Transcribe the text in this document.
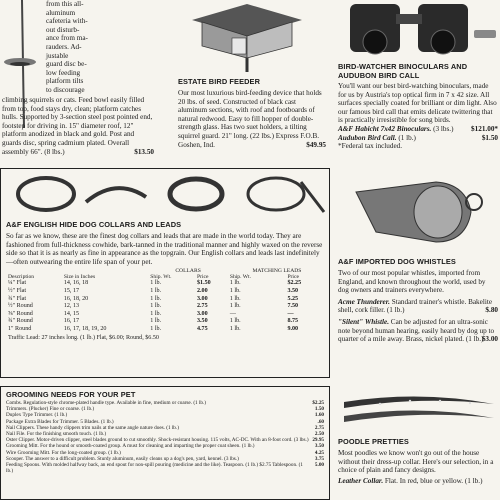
from this all-

aluminum

cafeteria with-

out disturb-

ance from ma-

rauders. Ad-

justable

guard disc be-

low feeding

platform tilts

to discourage

climbing squirrels or cats. Feed bowl easily filled from top, food stays dry, clean; platform catches hulls. Supported by 3-section steel post pointed end, footstep for driving in. 15" diameter roof, 12" platform anodized in black and gold. Post and guards disc, spring cadmium plated. Overall assembly 66". (8 lbs.)	$13.50

ESTATE BIRD FEEDER

Our most luxurious bird-feeding device that holds 20 lbs. of seed. Constructed of black cast aluminum sections, with roof and footboards of natural redwood. Easy to fill hopper of double-strength glass. Has two suet holders, a tilting squirrel guard. 21" long. (22 lbs.) Express F.O.B. Goshen, Ind.	$49.95

BIRD-WATCHER BINOCULARS AND AUDUBON BIRD CALL

You'll want our best bird-watching binoculars, made for us by Austria's top optical firm in 7 x 42 size. All surfaces specially coated for brilliant or dim light. Also our famous bird call that emits delicate twittering that is practically irresistible for song birds.

A&F Habicht 7x42 Binoculars. (3 lbs.) $121.00*

Audubon Bird Call. (1 lb.)	$1.50

*Federal tax included.

A&F ENGLISH HIDE DOG COLLARS AND LEADS

So far as we know, these are the finest dog collars and leads that are made in the world today. They are fashioned from full-thickness cowhide, bark-tanned in the traditional manner and highly waxed on the reverse side so that it is as nearly as fine in appearance as the topgrain. Our English collars and leads last indefinitely—often outwearing the entire life span of your pet.

		COLLARS		MATCHING LEADS	
Description	Size in Inches	Ship. Wt.	Price	Ship. Wt.	Price
¼" Flat	14, 16, 18	1 lb.	$1.50	1 lb.	$2.25
½" Flat	15, 17	1 lb.	2.00	1 lb.	3.50
¾" Flat	16, 18, 20	1 lb.	3.00	1 lb.	5.25
½" Round	12, 13	1 lb.	2.75	1 lb.	7.50
⅝" Round	14, 15	1 lb.	3.00	—	—
¾" Round	16, 17	1 lb.	3.50	1 lb.	8.75
1" Round	16, 17, 18, 19, 20	1 lb.	4.75	1 lb.	9.00

Traffic Lead: 27 inches long. (1 lb.) Flat, $6.00; Round, $6.50

A&F IMPORTED DOG WHISTLES

Two of our most popular whistles, imported from England, and known throughout the world, used by dog owners and trainers everywhere.

Acme Thunderer. Standard trainer's whistle. Bakelite shell, cork filler. (1 lb.)	$.80

"Silent" Whistle. Can be adjusted for an ultra-sonic note beyond human hearing, easily heard by dog up to quarter of a mile away. Brass, nickel plated. (1 lb.)

$3.00

GROOMING NEEDS FOR YOUR PET

Combs. Regulation-style chrome-plated handle type. Available in fine, medium or coarse. (1 lb.)	$2.25
Trimmers. (Plucker) Fine or coarse. (1 lb.)	1.50
Duplex Type Trimmer. (1 lb.)	1.60
Package Extra Blades for Trimmer. 5 Blades. (1 lb.)	.60
Nail Clippers. These handy clippers trim nails at the same angle nature does. (1 lb.)	2.75
Nail File. For the finishing smooth touch. (1 lb.)	2.50
Oster Clipper. Motor-driven clipper, steel blades ground to cut smoothly. Shock-resistant housing. 115 volts, AC-DC. With an 8-foot cord. (3 lbs.)	29.95
Grooming Mitt. For the hound or smooth-coated group. A must for cleaning and imparting the proper coat sheen. (1 lb.)	3.50
Wire Grooming Mitt. For the long-coated group. (1 lb.)	4.25
Scooper. The answer to a difficult problem. Sturdy aluminum, easily cleans up a dog's pen, yard, kennel. (3 lbs.)	3.75
Feeding Spoons. With molded halfway back, an end spout for non-spill pouring (medicine and the like). Teaspoon. (1 lb.) $2.75 Tablespoon. (1 lb.)	5.00

POODLE PRETTIES

Most poodles we know won't go out of the house without their dress-up collar. Here's our selection, in a choice of plain and fancy designs.

Leather Collar. Flat. In red, blue or yellow. (1 lb.)
